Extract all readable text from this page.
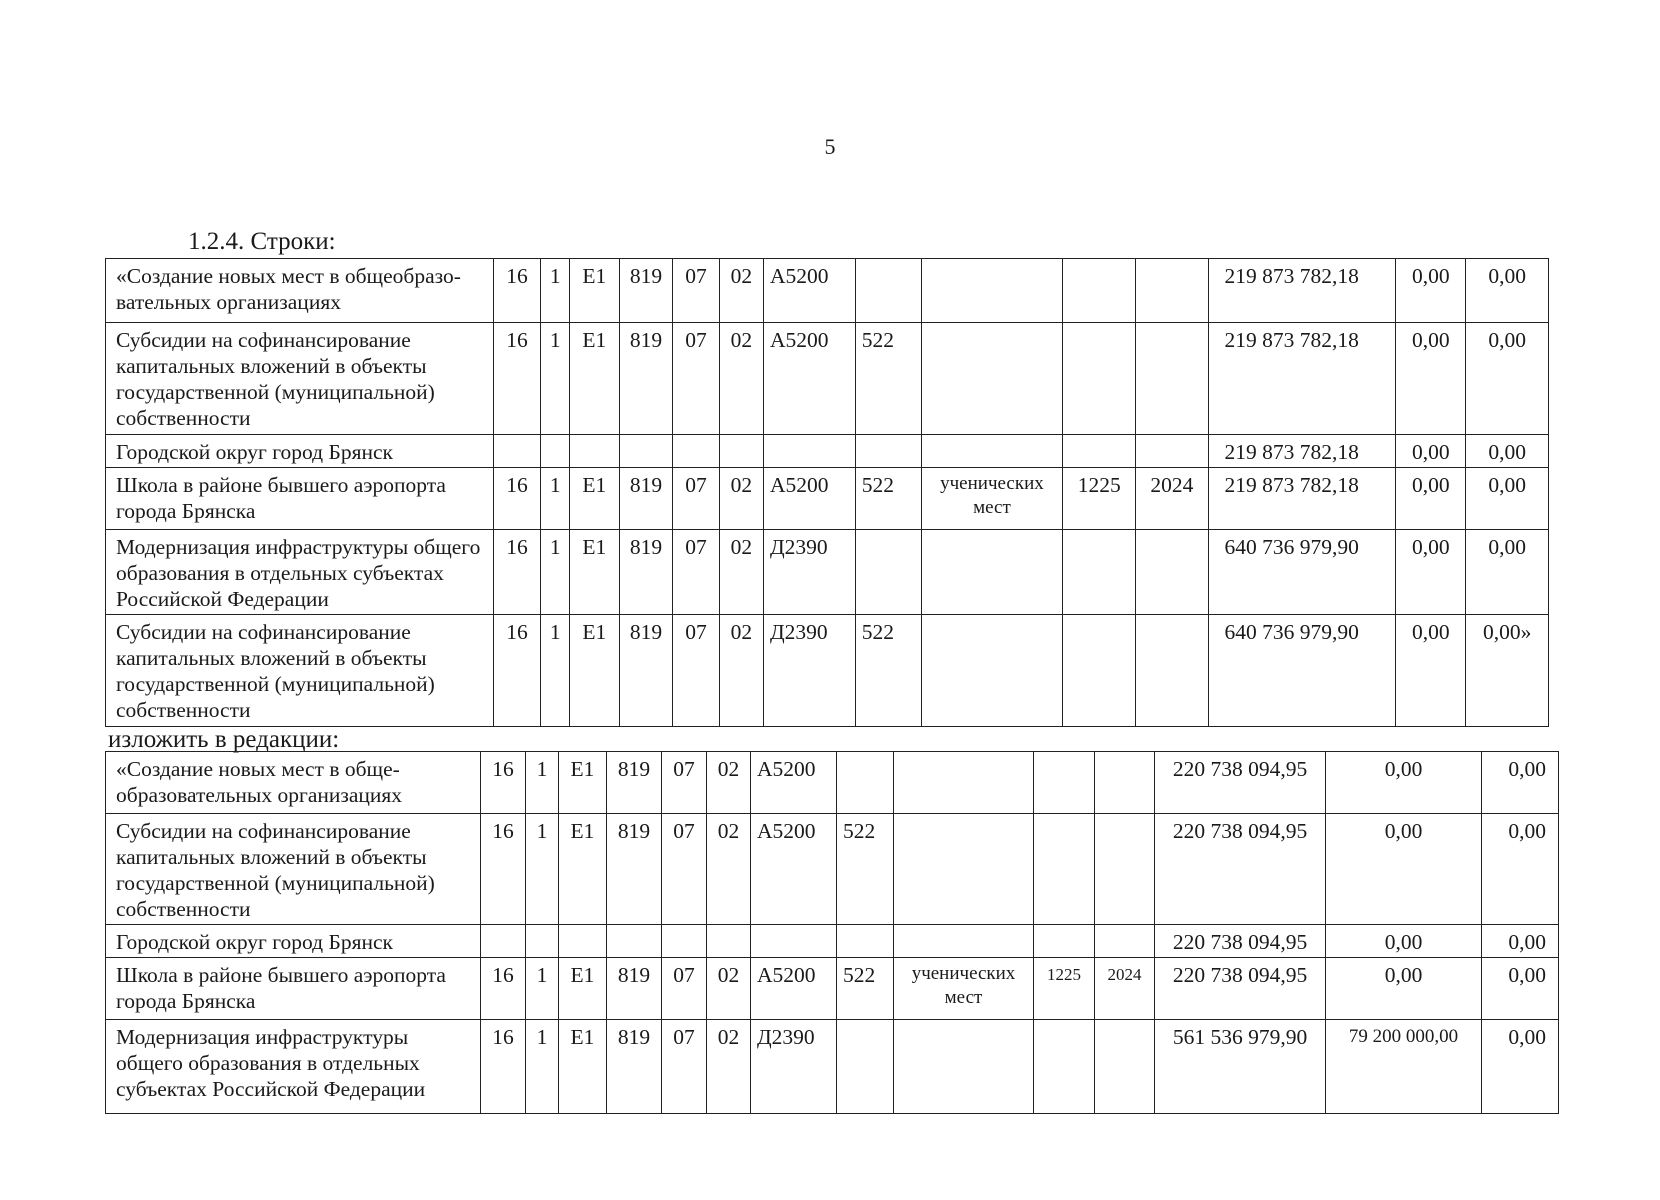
5
1.2.4. Строки:
«Создание новых мест в общеобразо-вательных организациях	16	1	Е1	819	07	02	А5200					219 873 782,18	0,00	0,00
Субсидии на софинансирование капитальных вложений в объекты государственной (муниципальной) собственности	16	1	Е1	819	07	02	А5200	522				219 873 782,18	0,00	0,00
Городской округ город Брянск												219 873 782,18	0,00	0,00
Школа в районе бывшего аэропорта города Брянска	16	1	Е1	819	07	02	А5200	522	ученических мест	1225	2024	219 873 782,18	0,00	0,00
Модернизация инфраструктуры общего образования в отдельных субъектах Российской Федерации	16	1	Е1	819	07	02	Д2390					640 736 979,90	0,00	0,00
Субсидии на софинансирование капитальных вложений в объекты государственной (муниципальной) собственности	16	1	Е1	819	07	02	Д2390	522				640 736 979,90	0,00	0,00»
изложить в редакции:
«Создание новых мест в обще-образовательных организациях	16	1	Е1	819	07	02	А5200					220 738 094,95	0,00	0,00
Субсидии на софинансирование капитальных вложений в объекты государственной (муниципальной) собственности	16	1	Е1	819	07	02	А5200	522				220 738 094,95	0,00	0,00
Городской округ город Брянск												220 738 094,95	0,00	0,00
Школа в районе бывшего аэропорта города Брянска	16	1	Е1	819	07	02	А5200	522	ученических мест	1225	2024	220 738 094,95	0,00	0,00
Модернизация инфраструктуры общего образования в отдельных субъектах Российской Федерации	16	1	Е1	819	07	02	Д2390					561 536 979,90	79 200 000,00	0,00
